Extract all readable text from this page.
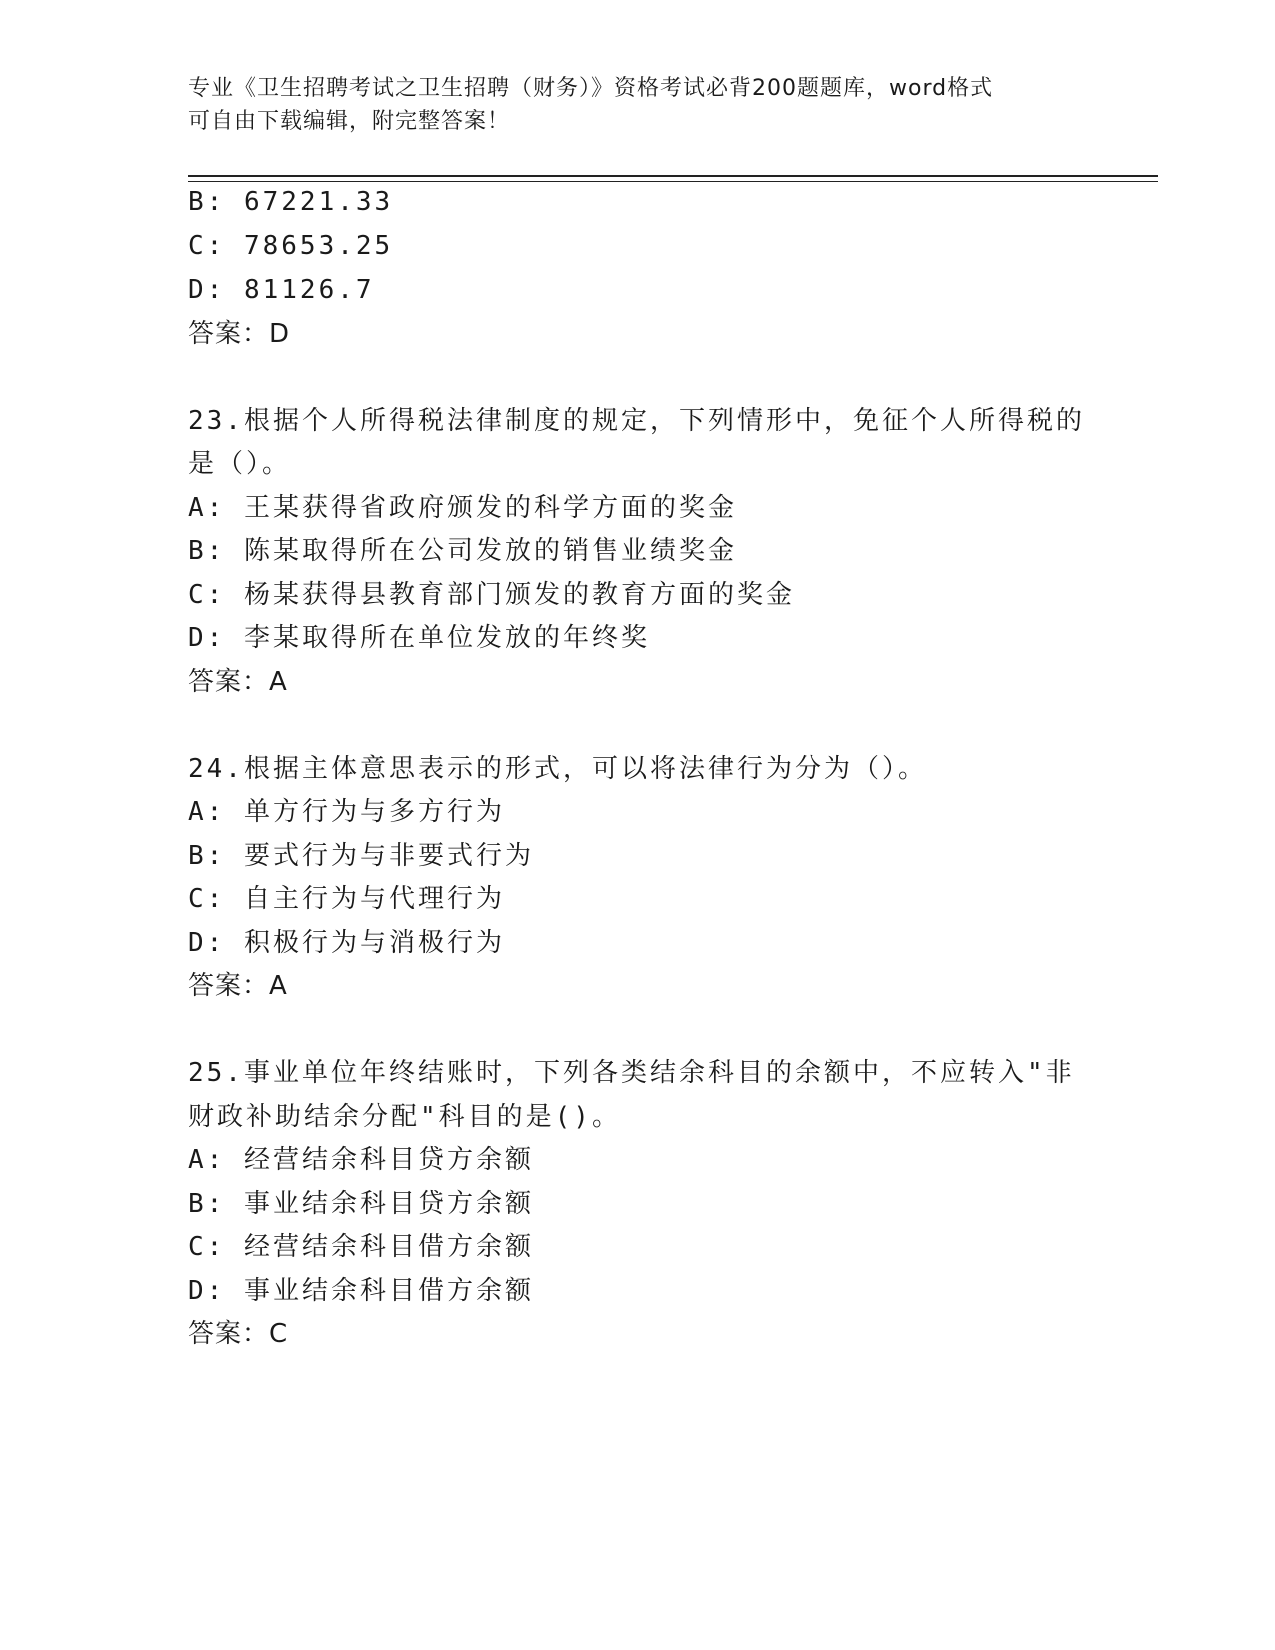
专业《卫生招聘考试之卫生招聘（财务）》资格考试必背200题题库，word格式
可自由下载编辑，附完整答案！
B: 67221.33
C: 78653.25
D: 81126.7
答案：D
23.根据个人所得税法律制度的规定，下列情形中，免征个人所得税的
是（）。
A: 王某获得省政府颁发的科学方面的奖金
B: 陈某取得所在公司发放的销售业绩奖金
C: 杨某获得县教育部门颁发的教育方面的奖金
D: 李某取得所在单位发放的年终奖
答案：A
24.根据主体意思表示的形式，可以将法律行为分为（）。
A: 单方行为与多方行为
B: 要式行为与非要式行为
C: 自主行为与代理行为
D: 积极行为与消极行为
答案：A
25.事业单位年终结账时，下列各类结余科目的余额中，不应转入"非
财政补助结余分配"科目的是()。
A: 经营结余科目贷方余额
B: 事业结余科目贷方余额
C: 经营结余科目借方余额
D: 事业结余科目借方余额
答案：C
